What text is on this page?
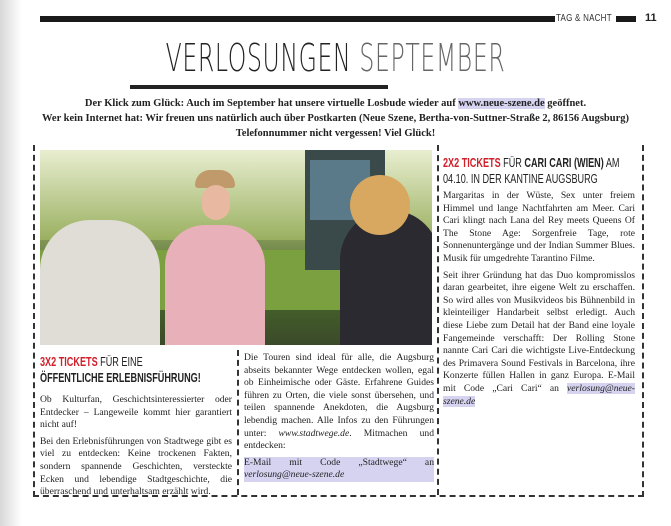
TAG & NACHT	11
VERLOSUNGEN SEPTEMBER
Der Klick zum Glück: Auch im September hat unsere virtuelle Losbude wieder auf www.neue-szene.de geöffnet.
Wer kein Internet hat: Wir freuen uns natürlich auch über Postkarten (Neue Szene, Bertha-von-Suttner-Straße 2, 86156 Augsburg)
Telefonnummer nicht vergessen! Viel Glück!
3X2 TICKETS FÜR EINE
ÖFFENTLICHE ERLEBNISFÜHRUNG!

Ob Kulturfan, Geschichtsinteressierter oder Entdecker – Langeweile kommt hier garantiert nicht auf!

Bei den Erlebnisführungen von Stadtwege gibt es viel zu entdecken: Keine trockenen Fakten, sondern spannende Geschichten, versteckte Ecken und lebendige Stadtgeschichte, die überraschend und unterhaltsam erzählt wird.

Die Touren sind ideal für alle, die Augsburg abseits bekannter Wege entdecken wollen, egal ob Einheimische oder Gäste. Erfahrene Guides führen zu Orten, die viele sonst übersehen, und teilen spannende Anekdoten, die Augsburg lebendig machen. Alle Infos zu den Führungen unter: www.stadtwege.de. Mitmachen und entdecken:

E-Mail mit Code „Stadtwege“ an verlosung@neue-szene.de

2X2 TICKETS FÜR CARI CARI (WIEN) AM
04.10. IN DER KANTINE AUGSBURG

Margaritas in der Wüste, Sex unter freiem Himmel und lange Nachtfahrten am Meer. Cari Cari klingt nach Lana del Rey meets Queens Of The Stone Age: Sorgenfreie Tage, rote Sonnenuntergänge und der Indian Summer Blues. Musik für umgedrehte Tarantino Filme.

Seit ihrer Gründung hat das Duo kompromisslos daran gearbeitet, ihre eigene Welt zu erschaffen. So wird alles von Musikvideos bis Bühnenbild in kleinteiliger Handarbeit selbst erledigt. Auch diese Liebe zum Detail hat der Band eine loyale Fangemeinde verschafft: Der Rolling Stone nannte Cari Cari die wichtigste Live-Entdeckung des Primavera Sound Festivals in Barcelona, ihre Konzerte füllen Hallen in ganz Europa. E-Mail mit Code „Cari Cari“ an verlosung@neue-szene.de
